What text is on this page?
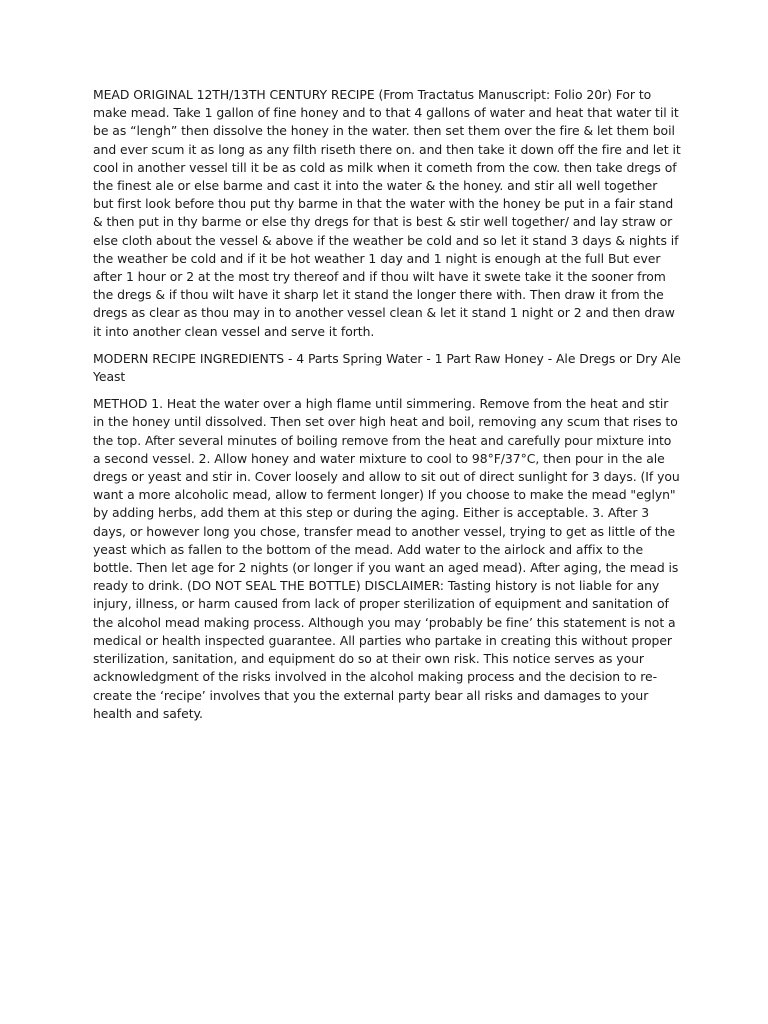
MEAD ORIGINAL 12TH/13TH CENTURY RECIPE (From Tractatus Manuscript: Folio 20r) For to make mead. Take 1 gallon of fine honey and to that 4 gallons of water and heat that water til it be as “lengh” then dissolve the honey in the water. then set them over the fire & let them boil and ever scum it as long as any filth riseth there on. and then take it down off the fire and let it cool in another vessel till it be as cold as milk when it cometh from the cow. then take dregs of the finest ale or else barme and cast it into the water & the honey. and stir all well together but first look before thou put thy barme in that the water with the honey be put in a fair stand & then put in thy barme or else thy dregs for that is best & stir well together/ and lay straw or else cloth about the vessel & above if the weather be cold and so let it stand 3 days & nights if the weather be cold and if it be hot weather 1 day and 1 night is enough at the full But ever after 1 hour or 2 at the most try thereof and if thou wilt have it swete take it the sooner from the dregs & if thou wilt have it sharp let it stand the longer there with. Then draw it from the dregs as clear as thou may in to another vessel clean & let it stand 1 night or 2 and then draw it into another clean vessel and serve it forth.

MODERN RECIPE INGREDIENTS - 4 Parts Spring Water - 1 Part Raw Honey - Ale Dregs or Dry Ale Yeast

METHOD 1. Heat the water over a high flame until simmering. Remove from the heat and stir in the honey until dissolved. Then set over high heat and boil, removing any scum that rises to the top. After several minutes of boiling remove from the heat and carefully pour mixture into a second vessel. 2. Allow honey and water mixture to cool to 98°F/37°C, then pour in the ale dregs or yeast and stir in. Cover loosely and allow to sit out of direct sunlight for 3 days. (If you want a more alcoholic mead, allow to ferment longer) If you choose to make the mead "eglyn" by adding herbs, add them at this step or during the aging. Either is acceptable. 3. After 3 days, or however long you chose, transfer mead to another vessel, trying to get as little of the yeast which as fallen to the bottom of the mead. Add water to the airlock and affix to the bottle. Then let age for 2 nights (or longer if you want an aged mead). After aging, the mead is ready to drink. (DO NOT SEAL THE BOTTLE) DISCLAIMER: Tasting history is not liable for any injury, illness, or harm caused from lack of proper sterilization of equipment and sanitation of the alcohol mead making process. Although you may ‘probably be fine’ this statement is not a medical or health inspected guarantee. All parties who partake in creating this without proper sterilization, sanitation, and equipment do so at their own risk. This notice serves as your acknowledgment of the risks involved in the alcohol making process and the decision to re-create the ‘recipe’ involves that you the external party bear all risks and damages to your health and safety.
